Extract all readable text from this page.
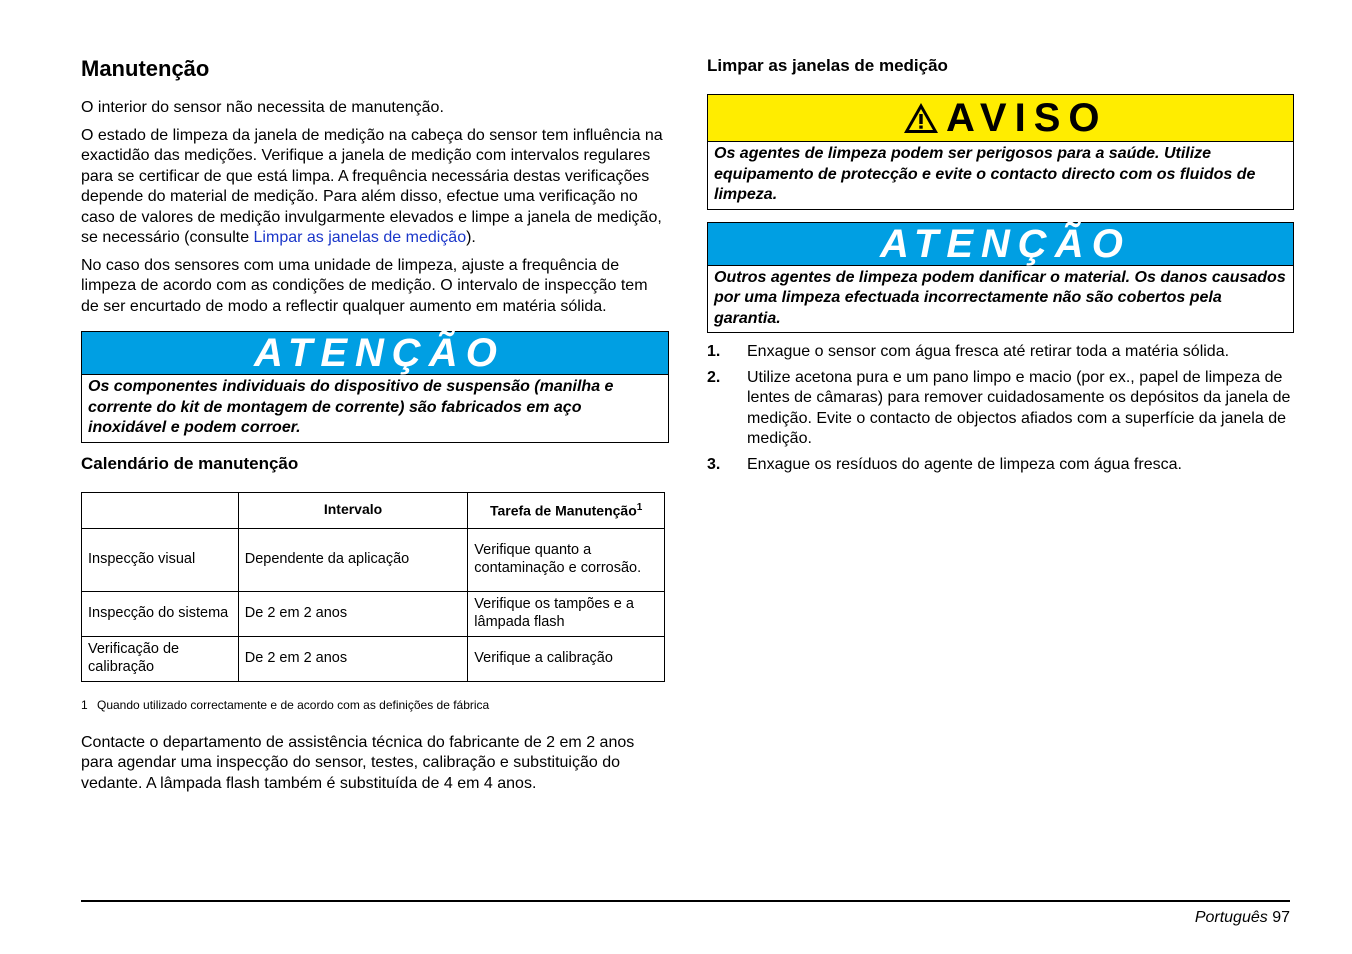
Manutenção

O interior do sensor não necessita de manutenção.

O estado de limpeza da janela de medição na cabeça do sensor tem influência na exactidão das medições. Verifique a janela de medição com intervalos regulares para se certificar de que está limpa. A frequência necessária destas verificações depende do material de medição. Para além disso, efectue uma verificação no caso de valores de medição invulgarmente elevados e limpe a janela de medição, se necessário (consulte Limpar as janelas de medição).

No caso dos sensores com uma unidade de limpeza, ajuste a frequência de limpeza de acordo com as condições de medição. O intervalo de inspecção tem de ser encurtado de modo a reflectir qualquer aumento em matéria sólida.

ATENÇÃO
Os componentes individuais do dispositivo de suspensão (manilha e corrente do kit de montagem de corrente) são fabricados em aço inoxidável e podem corroer.
Calendário de manutenção
	Intervalo	Tarefa de Manutenção$^1$
Inspecção visual	Dependente da aplicação	Verifique quanto a contaminação e corrosão.
Inspecção do sistema	De 2 em 2 anos	Verifique os tampões e a lâmpada flash
Verificação de calibração	De 2 em 2 anos	Verifique a calibração
1 Quando utilizado correctamente e de acordo com as definições de fábrica

Contacte o departamento de assistência técnica do fabricante de 2 em 2 anos para agendar uma inspecção do sensor, testes, calibração e substituição do vedante. A lâmpada flash também é substituída de 4 em 4 anos.

Limpar as janelas de medição
AVISO
Os agentes de limpeza podem ser perigosos para a saúde. Utilize equipamento de protecção e evite o contacto directo com os fluidos de limpeza.
ATENÇÃO
Outros agentes de limpeza podem danificar o material. Os danos causados por uma limpeza efectuada incorrectamente não são cobertos pela garantia.
1. Enxague o sensor com água fresca até retirar toda a matéria sólida.
2. Utilize acetona pura e um pano limpo e macio (por ex., papel de limpeza de lentes de câmaras) para remover cuidadosamente os depósitos da janela de medição. Evite o contacto de objectos afiados com a superfície da janela de medição.
3. Enxague os resíduos do agente de limpeza com água fresca.
Português 97
